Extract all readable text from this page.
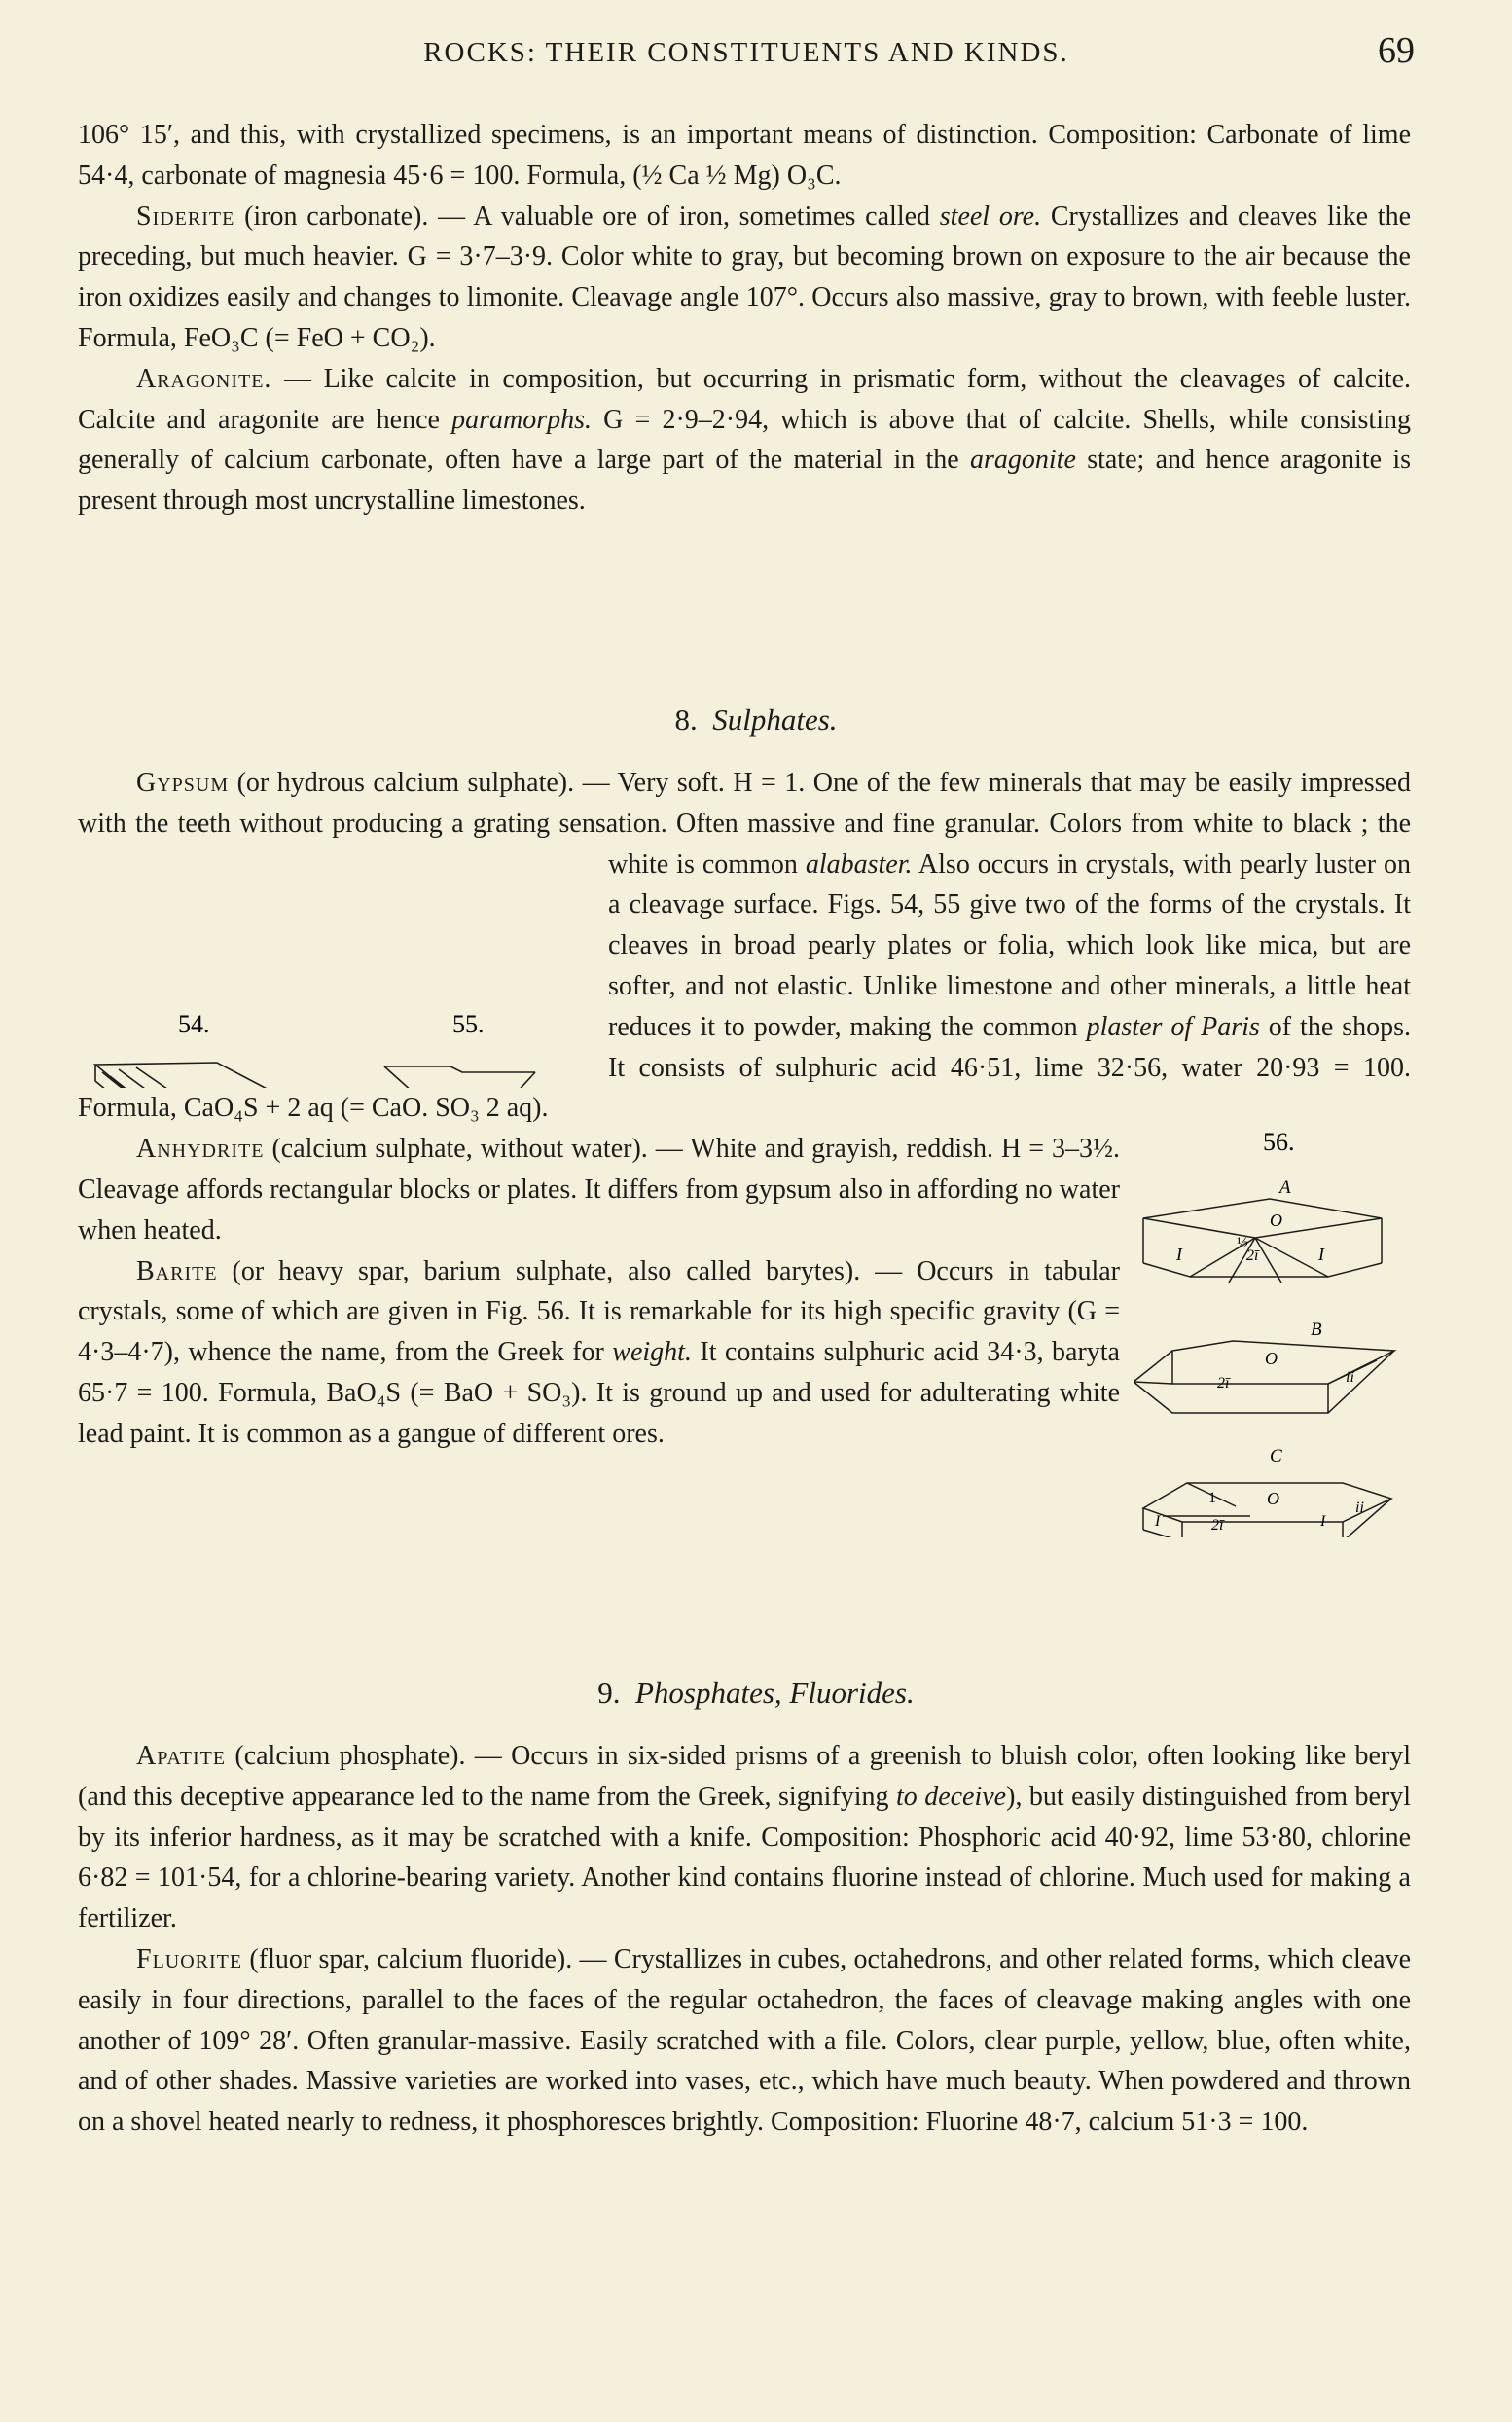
ROCKS: THEIR CONSTITUENTS AND KINDS.	69

106° 15′, and this, with crystallized specimens, is an important means of distinction. Composition: Carbonate of lime 54·4, carbonate of magnesia 45·6 = 100. Formula, (½ Ca ½ Mg) O₃C.

Siderite (iron carbonate). — A valuable ore of iron, sometimes called steel ore. Crystallizes and cleaves like the preceding, but much heavier. G = 3·7–3·9. Color white to gray, but becoming brown on exposure to the air because the iron oxidizes easily and changes to limonite. Cleavage angle 107°. Occurs also massive, gray to brown, with feeble luster. Formula, FeO₃C (= FeO + CO₂).

Aragonite. — Like calcite in composition, but occurring in prismatic form, without the cleavages of calcite. Calcite and aragonite are hence paramorphs. G = 2·9–2·94, which is above that of calcite. Shells, while consisting generally of calcium carbonate, often have a large part of the material in the aragonite state; and hence aragonite is present through most uncrystalline limestones.

8. Sulphates.

Gypsum (or hydrous calcium sulphate). — Very soft. H = 1. One of the few minerals that may be easily impressed with the teeth without producing a grating sensation. Often massive and fine granular. Colors from white to black ; the white is common alabaster.
54.	55.
Also occurs in crystals, with pearly luster on a cleavage surface. Figs. 54, 55 give two of the forms of the crystals. It cleaves in broad pearly plates or folia, which look like mica, but are softer, and not elastic. Unlike limestone and other minerals, a little heat reduces it to powder, making the common plaster of Paris of the shops. It consists of sulphuric acid 46·51, lime 32·56, water 20·93 = 100. Formula, CaO₄S + 2 aq (= CaO. SO₃ 2 aq).

56.
A
O
½
2ī
I	I
B
O
2ī	ii
C
1	O
2ī
I	I
ii
Anhydrite (calcium sulphate, without water). — White and grayish, reddish. H = 3–3½. Cleavage affords rectangular blocks or plates. It differs from gypsum also in affording no water when heated.

Barite (or heavy spar, barium sulphate, also called barytes). — Occurs in tabular crystals, some of which are given in Fig. 56. It is remarkable for its high specific gravity (G = 4·3–4·7), whence the name, from the Greek for weight. It contains sulphuric acid 34·3, baryta 65·7 = 100. Formula, BaO₄S (= BaO + SO₃). It is ground up and used for adulterating white lead paint. It is common as a gangue of different ores.

9. Phosphates, Fluorides.

Apatite (calcium phosphate). — Occurs in six-sided prisms of a greenish to bluish color, often looking like beryl (and this deceptive appearance led to the name from the Greek, signifying to deceive), but easily distinguished from beryl by its inferior hardness, as it may be scratched with a knife. Composition: Phosphoric acid 40·92, lime 53·80, chlorine 6·82 = 101·54, for a chlorine-bearing variety. Another kind contains fluorine instead of chlorine. Much used for making a fertilizer.

Fluorite (fluor spar, calcium fluoride). — Crystallizes in cubes, octahedrons, and other related forms, which cleave easily in four directions, parallel to the faces of the regular octahedron, the faces of cleavage making angles with one another of 109° 28′. Often granular-massive. Easily scratched with a file. Colors, clear purple, yellow, blue, often white, and of other shades. Massive varieties are worked into vases, etc., which have much beauty. When powdered and thrown on a shovel heated nearly to redness, it phosphoresces brightly. Composition: Fluorine 48·7, calcium 51·3 = 100.
